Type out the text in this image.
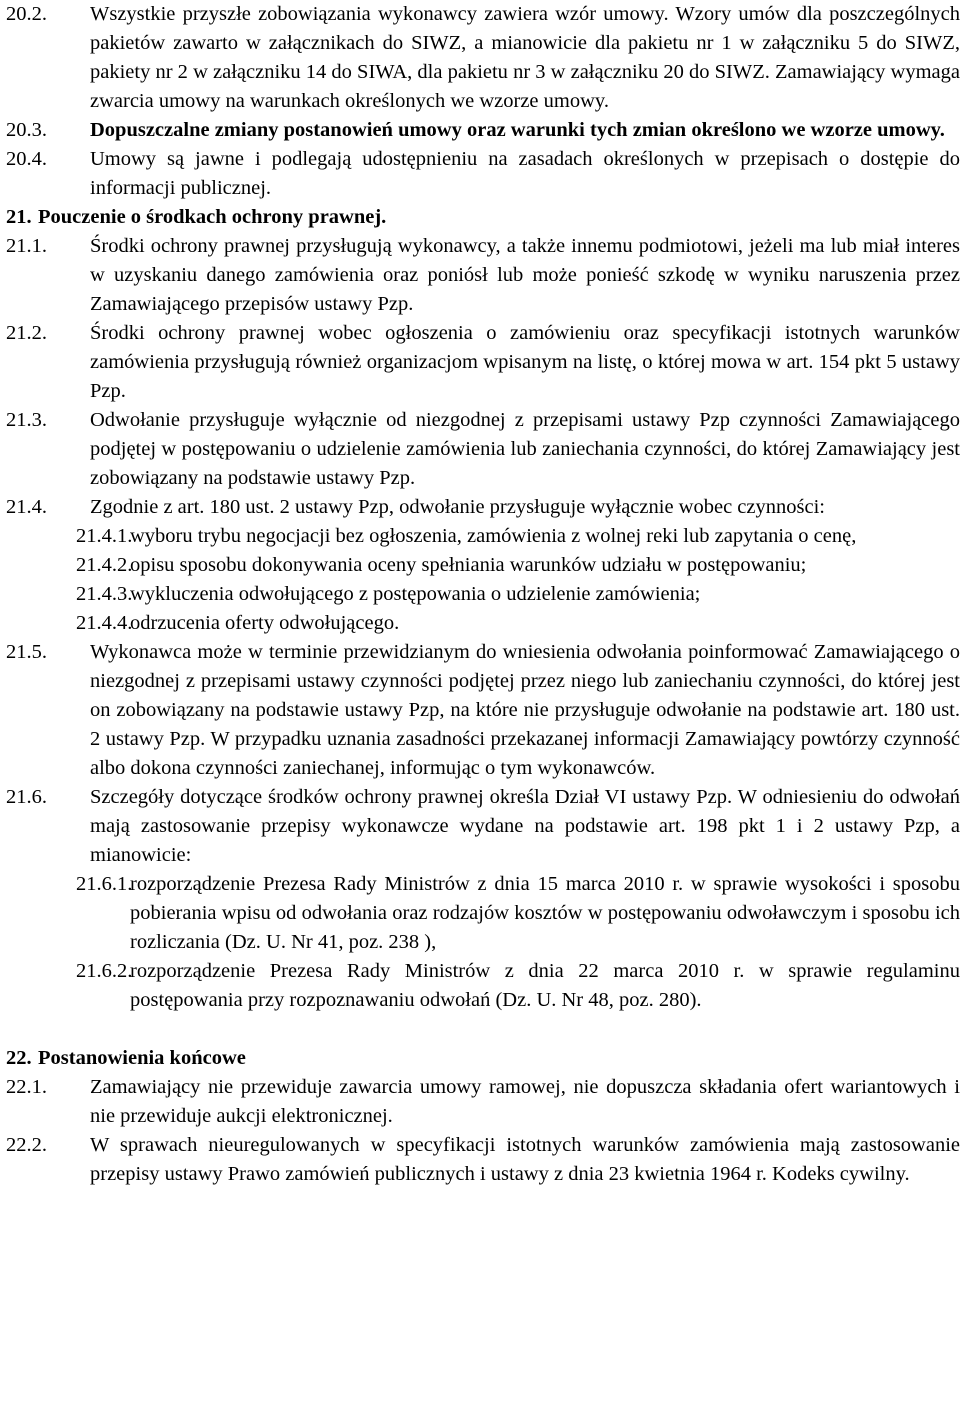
20.2.	Wszystkie przyszłe zobowiązania wykonawcy zawiera wzór umowy. Wzory umów dla poszczególnych pakietów zawarto w załącznikach do SIWZ, a mianowicie dla pakietu nr 1 w załączniku 5 do SIWZ, pakiety nr 2 w załączniku 14 do SIWA, dla pakietu nr 3 w załączniku 20 do SIWZ. Zamawiający wymaga zwarcia umowy na warunkach określonych we wzorze umowy.
20.3.	Dopuszczalne zmiany postanowień umowy oraz warunki tych zmian określono we wzorze umowy.
20.4.	Umowy są jawne i podlegają udostępnieniu na zasadach określonych w przepisach o dostępie do informacji publicznej.
21. Pouczenie o środkach ochrony prawnej.
21.1.	Środki ochrony prawnej przysługują wykonawcy, a także innemu podmiotowi, jeżeli ma lub miał interes w uzyskaniu danego zamówienia oraz poniósł lub może ponieść szkodę w wyniku naruszenia przez Zamawiającego przepisów ustawy Pzp.
21.2.	Środki ochrony prawnej wobec ogłoszenia o zamówieniu oraz specyfikacji istotnych warunków zamówienia przysługują również organizacjom wpisanym na listę, o której mowa w art. 154 pkt 5 ustawy Pzp.
21.3.	Odwołanie przysługuje wyłącznie od niezgodnej z przepisami ustawy Pzp czynności Zamawiającego podjętej w postępowaniu o udzielenie zamówienia lub zaniechania czynności, do której Zamawiający jest zobowiązany na podstawie ustawy Pzp.
21.4.	Zgodnie z art. 180 ust. 2 ustawy Pzp, odwołanie przysługuje wyłącznie wobec czynności:
21.4.1.
wyboru trybu negocjacji bez ogłoszenia, zamówienia z wolnej reki lub zapytania o cenę,
21.4.2.
opisu sposobu dokonywania oceny spełniania warunków udziału w postępowaniu;
21.4.3.
wykluczenia odwołującego z postępowania o udzielenie zamówienia;
21.4.4.
odrzucenia oferty odwołującego.
21.5.	Wykonawca może w terminie przewidzianym do wniesienia odwołania poinformować Zamawiającego o niezgodnej z przepisami ustawy czynności podjętej przez niego lub zaniechaniu czynności, do której jest on zobowiązany na podstawie ustawy Pzp, na które nie przysługuje odwołanie na podstawie art. 180 ust. 2 ustawy Pzp. W przypadku uznania zasadności przekazanej informacji Zamawiający powtórzy czynność albo dokona czynności zaniechanej, informując o tym wykonawców.
21.6.	Szczegóły dotyczące środków ochrony prawnej określa Dział VI ustawy Pzp. W odniesieniu do odwołań mają zastosowanie przepisy wykonawcze wydane na podstawie art. 198 pkt 1 i 2 ustawy Pzp, a mianowicie:
21.6.1.
rozporządzenie Prezesa Rady Ministrów z dnia 15 marca 2010 r. w sprawie wysokości i sposobu pobierania wpisu od odwołania oraz rodzajów kosztów w postępowaniu odwoławczym i sposobu ich rozliczania (Dz. U. Nr 41, poz. 238 ),
21.6.2.
rozporządzenie Prezesa Rady Ministrów z dnia 22 marca 2010 r. w sprawie regulaminu postępowania przy rozpoznawaniu odwołań (Dz. U. Nr 48, poz. 280).
22. Postanowienia końcowe
22.1.	Zamawiający nie przewiduje zawarcia umowy ramowej, nie dopuszcza składania ofert wariantowych i nie przewiduje aukcji elektronicznej.
22.2.	W sprawach nieuregulowanych w specyfikacji istotnych warunków zamówienia mają zastosowanie przepisy ustawy Prawo zamówień publicznych i ustawy z dnia 23 kwietnia 1964 r. Kodeks cywilny.
